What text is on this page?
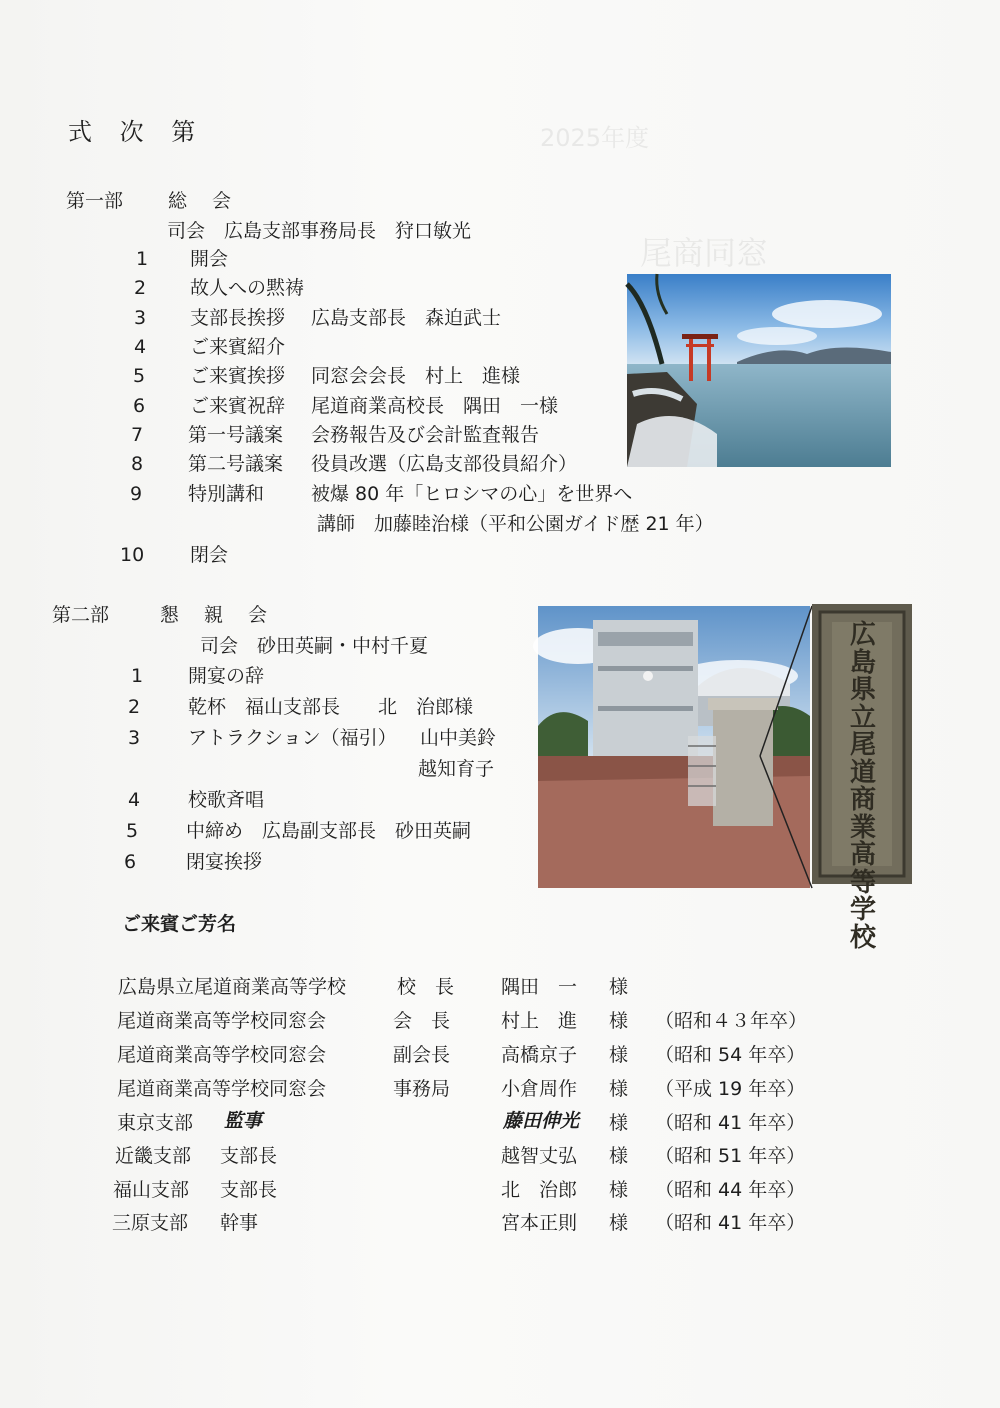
2025年度
尾商同窓
式 次 第
第一部 総　会
司会　広島支部事務局長　狩口敏光
1 開会
2 故人への黙祷
3 支部長挨拶 広島支部長　森迫武士
4 ご来賓紹介
5 ご来賓挨拶 同窓会会長　村上　進様
6 ご来賓祝辞 尾道商業高校長　隅田　一様
7 第一号議案 会務報告及び会計監査報告
8 第二号議案 役員改選（広島支部役員紹介）
9 特別講和 被爆 80 年「ヒロシマの心」を世界へ
講師　加藤睦治様（平和公園ガイド歴 21 年）
10 閉会
第二部	懇　親　会
司会　砂田英嗣・中村千夏
1 開宴の辞
2	乾杯　福山支部長　　北　治郎様
3	アトラクション（福引） 山中美鈴
越知育子
4	校歌斉唱
5	中締め　広島副支部長　砂田英嗣
6	閉宴挨拶
広島県立尾道商業高等学校
ご来賓ご芳名
広島県立尾道商業高等学校	校　長 隅田　一 様
尾道商業高等学校同窓会	会　長	村上　進 様 （昭和４３年卒）
尾道商業高等学校同窓会	副会長	高橋京子 様 （昭和 54 年卒）
尾道商業高等学校同窓会	事務局	小倉周作 様 （平成 19 年卒）
東京支部 監事	藤田伸光 様 （昭和 41 年卒）
近畿支部 支部長	越智丈弘 様 （昭和 51 年卒）
福山支部 支部長	北　治郎 様 （昭和 44 年卒）
三原支部 幹事	宮本正則 様 （昭和 41 年卒）
